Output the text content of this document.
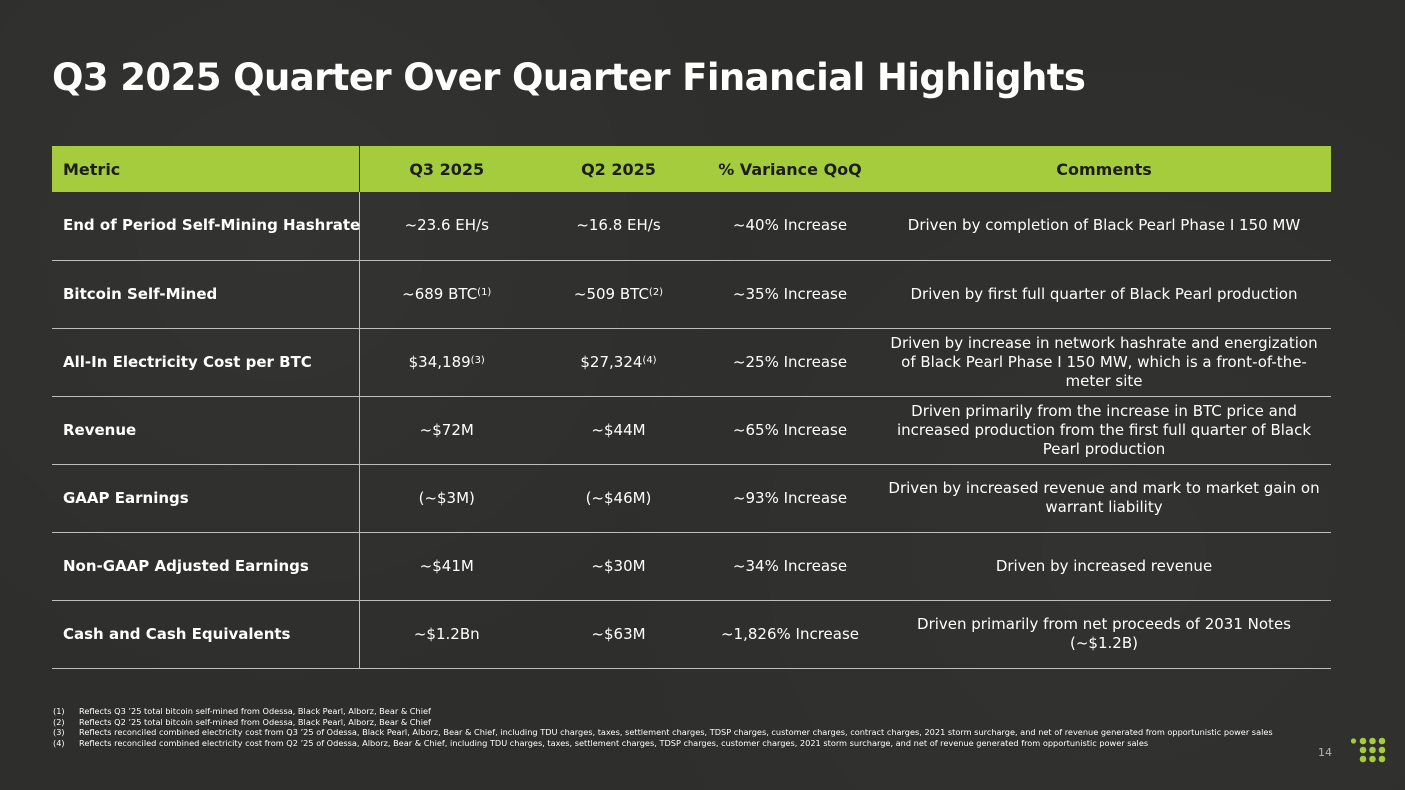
Q3 2025 Quarter Over Quarter Financial Highlights
Metric	Q3 2025	Q2 2025	% Variance QoQ	Comments
End of Period Self-Mining Hashrate	~23.6 EH/s	~16.8 EH/s	~40% Increase	Driven by completion of Black Pearl Phase I 150 MW
Bitcoin Self-Mined	~689 BTC$^{(1)}$	~509 BTC$^{(2)}$	~35% Increase	Driven by first full quarter of Black Pearl production
All-In Electricity Cost per BTC	$34,189$^{(3)}$	$27,324$^{(4)}$	~25% Increase	Driven by increase in network hashrate and energization of Black Pearl Phase I 150 MW, which is a front-of-the-meter site
Revenue	~$72M	~$44M	~65% Increase	Driven primarily from the increase in BTC price and increased production from the first full quarter of Black Pearl production
GAAP Earnings	(~$3M)	(~$46M)	~93% Increase	Driven by increased revenue and mark to market gain on warrant liability
Non-GAAP Adjusted Earnings	~$41M	~$30M	~34% Increase	Driven by increased revenue
Cash and Cash Equivalents	~$1.2Bn	~$63M	~1,826% Increase	Driven primarily from net proceeds of 2031 Notes (~$1.2B)
(1)	Reflects Q3 ’25 total bitcoin self-mined from Odessa, Black Pearl, Alborz, Bear & Chief
(2)	Reflects Q2 ’25 total bitcoin self-mined from Odessa, Black Pearl, Alborz, Bear & Chief
(3)	Reflects reconciled combined electricity cost from Q3 ’25 of Odessa, Black Pearl, Alborz, Bear & Chief, including TDU charges, taxes, settlement charges, TDSP charges, customer charges, contract charges, 2021 storm surcharge, and net of revenue generated from opportunistic power sales
(4)	Reflects reconciled combined electricity cost from Q2 ’25 of Odessa, Alborz, Bear & Chief, including TDU charges, taxes, settlement charges, TDSP charges, customer charges, 2021 storm surcharge, and net of revenue generated from opportunistic power sales
14
